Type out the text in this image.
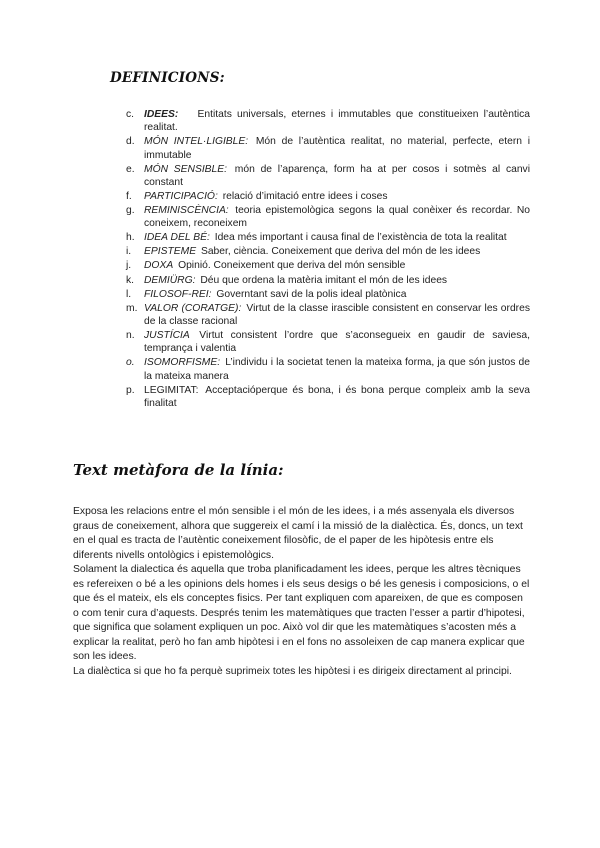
DEFINICIONS:
c. IDEES: Entitats universals, eternes i immutables que constitueixen l’autèntica realitat.
d. MÓN INTEL·LIGIBLE: Món de l’autèntica realitat, no material, perfecte, etern i immutable
e. MÓN SENSIBLE: món de l’aparença, form ha at per cosos i sotmès al canvi constant
f. PARTICIPACIÓ: relació d’imitació entre idees i coses
g. REMINISCÈNCIA: teoria epistemològica segons la qual conèixer és recordar. No coneixem, reconeixem
h. IDEA DEL BÉ: Idea més important i causa final de l’existència de tota la realitat
i. EPISTEME Saber, ciència. Coneixement que deriva del món de les idees
j. DOXA Opinió. Coneixement que deriva del món sensible
k. DEMIÜRG: Déu que ordena la matèria imitant el món de les idees
l. FILOSOF-REI: Governtant savi de la polis ideal platònica
m. VALOR (CORATGE): Virtut de la classe irascible consistent en conservar les ordres de la classe racional
n. JUSTÍCIA Virtut consistent l’ordre que s’aconsegueix en gaudir de saviesa, temprança i valentia
o. ISOMORFISME: L’individu i la societat tenen la mateixa forma, ja que són justos de la mateixa manera
p. LEGIMITAT: Acceptacióperque és bona, i és bona perque compleix amb la seva finalitat
Text metàfora de la línia:

Exposa les relacions entre el món sensible i el món de les idees, i a més assenyala els diversos graus de coneixement, alhora que suggereix el camí i la missió de la dialèctica. És, doncs, un text en el qual es tracta de l’autèntic coneixement filosòfic, de el paper de les hipòtesis entre els diferents nivells ontològics i epistemològics.

Solament la dialectica és aquella que troba planificadament les idees, perque les altres tècniques es refereixen o bé a les opinions dels homes i els seus desigs o bé les genesis i composicions, o el que és el mateix, els els conceptes fisics. Per tant expliquen com apareixen, de que es composen o com tenir cura d’aquests. Després tenim les matemàtiques que tracten l’esser a partir d’hipotesi, que significa que solament expliquen un poc. Això vol dir que les matemàtiques s’acosten més a explicar la realitat, però ho fan amb hipòtesi i en el fons no assoleixen de cap manera explicar que son les idees.

La dialèctica si que ho fa perquè suprimeix totes les hipòtesi i es dirigeix directament al principi.
